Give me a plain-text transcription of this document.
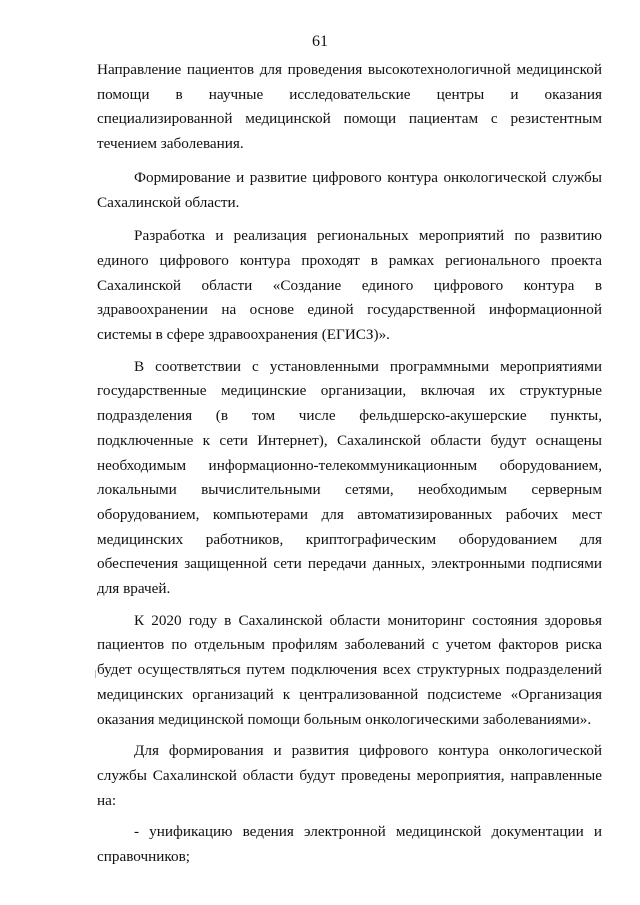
61

Направление пациентов для проведения высокотехнологичной медицинской помощи в научные исследовательские центры и оказания специализированной медицинской помощи пациентам с резистентным течением заболевания.

Формирование и развитие цифрового контура онкологической службы Сахалинской области.

Разработка и реализация региональных мероприятий по развитию единого цифрового контура проходят в рамках регионального проекта Сахалинской области «Создание единого цифрового контура в здравоохранении на основе единой государственной информационной системы в сфере здравоохранения (ЕГИСЗ)».

В соответствии с установленными программными мероприятиями государственные медицинские организации, включая их структурные подразделения (в том числе фельдшерско-акушерские пункты, подключенные к сети Интернет), Сахалинской области будут оснащены необходимым информационно-телекоммуникационным оборудованием, локальными вычислительными сетями, необходимым серверным оборудованием, компьютерами для автоматизированных рабочих мест медицинских работников, криптографическим оборудованием для обеспечения защищенной сети передачи данных, электронными подписями для врачей.

К 2020 году в Сахалинской области мониторинг состояния здоровья пациентов по отдельным профилям заболеваний с учетом факторов риска будет осуществляться путем подключения всех структурных подразделений медицинских организаций к централизованной подсистеме «Организация оказания медицинской помощи больным онкологическими заболеваниями».

Для формирования и развития цифрового контура онкологической службы Сахалинской области будут проведены мероприятия, направленные на:

- унификацию ведения электронной медицинской документации и справочников;
